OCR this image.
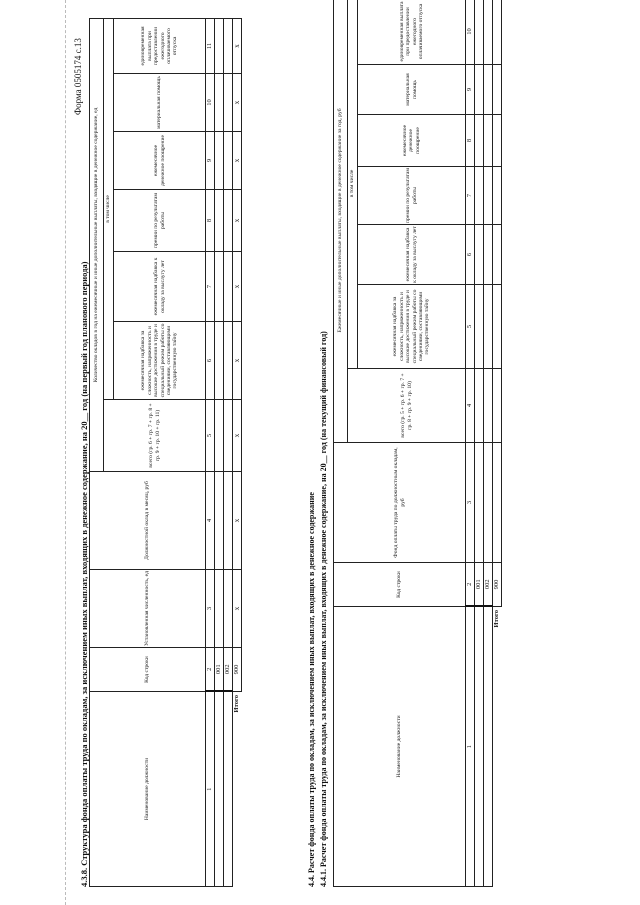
Форма 0505174 с.13
4.3.8. Структура фонда оплаты труда по окладам, за исключением иных выплат, входящих в денежное содержание, на 20__ год (на первый год планового периода)	Наименование должности	Код строки	Установленная численность, ед	Должностной оклад в месяц, руб	Количество окладов в год на ежемесячные и иные дополнительные выплаты, входящие в денежное содержание, ед						
				всего (гр. 6 + гр. 7 + гр. 8 + гр. 9 + гр. 10 + гр. 11)	в том числе					
					ежемесячная надбавка за сложность, напряженность и высокие достижения в труде и специальный режим работы со сведениями, составляющими государственную тайну	ежемесячная надбавка к окладу за выслугу лет	премии по результатам работы	ежемесячное денежное поощрение	материальная помощь	единовременная выплата при предоставлении ежегодного оплачиваемого отпуска
1	2	3	4	5	6	7	8	9	10	11
	001									
	002									
Итого	900	x	x	x	x	x	x	x	x	x
4.4. Расчет фонда оплаты труда по окладам, за исключением иных выплат, входящих в денежное содержание 4.4.1. Расчет фонда оплаты труда по окладам, за исключением иных выплат, входящих в денежное содержание, на 20__ год (на текущий финансовый год)	Наименование должности	Код строки	Фонд оплаты труда по должностным окладам, руб	Ежемесячные и иные дополнительные выплаты, входящие в денежное содержание за год, руб	
			всего (гр. 5 + гр. 6 + гр. 7 + гр. 8 + гр. 9 + гр. 10)	в том числе						
				ежемесячная надбавка за сложность, напряженность и высокие достижения в труде и специальный режим работы со сведениями, составляющими государственную тайну	ежемесячная надбавка к окладу за выслугу лет	премии по результатам работы	ежемесячное денежное поощрение	материальная помощь	единовременная выплата при предоставлении ежегодного оплачиваемого отпуска	
1	2	3	4	5	6	7	8	9	10	
	001									
	002									
Итого	900									
